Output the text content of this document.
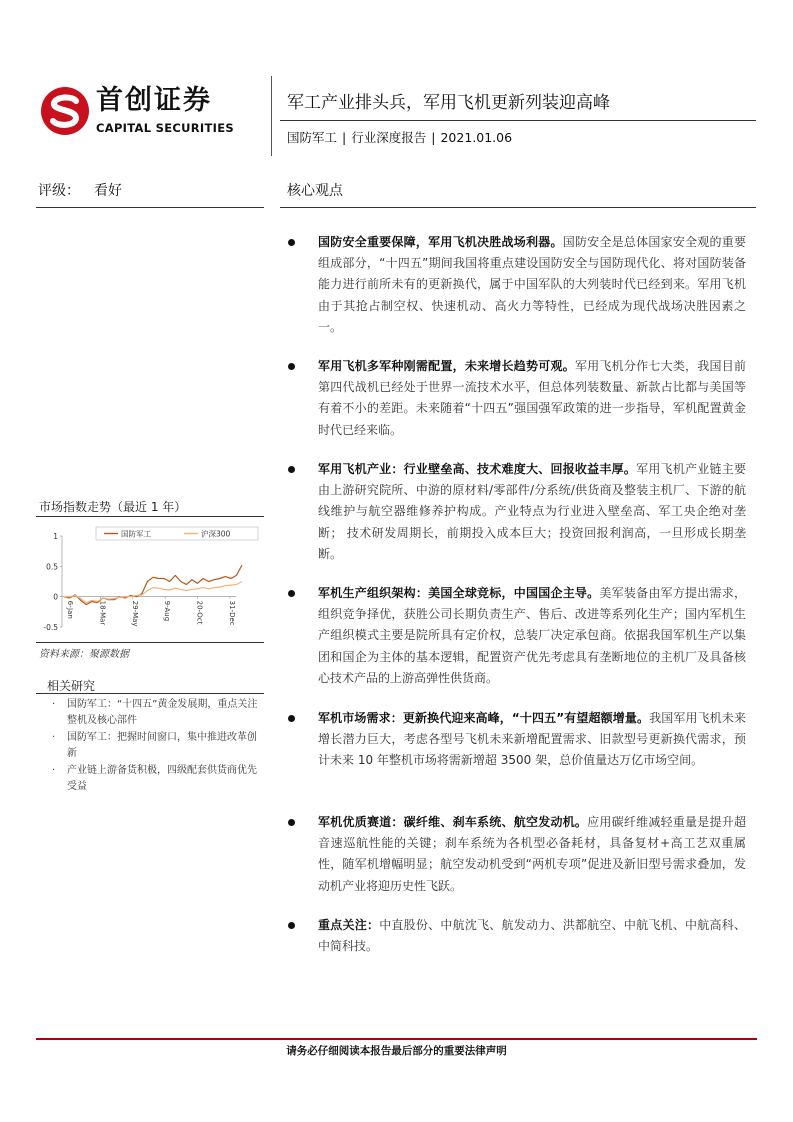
首创证券
CAPITAL SECURITIES
军工产业排头兵，军用飞机更新列装迎高峰
国防军工 | 行业深度报告 | 2021.01.06
评级： 看好	核心观点
国防安全重要保障，军用飞机决胜战场利器。国防安全是总体国家安全观的重要组成部分，“十四五”期间我国将重点建设国防安全与国防现代化、将对国防装备能力进行前所未有的更新换代，属于中国军队的大列装时代已经到来。军用飞机由于其抢占制空权、快速机动、高火力等特性，已经成为现代战场决胜因素之一。
军用飞机多军种刚需配置，未来增长趋势可观。军用飞机分作七大类，我国目前第四代战机已经处于世界一流技术水平，但总体列装数量、新款占比都与美国等有着不小的差距。未来随着“十四五”强国强军政策的进一步指导，军机配置黄金时代已经来临。
军用飞机产业：行业壁垒高、技术难度大、回报收益丰厚。军用飞机产业链主要由上游研究院所、中游的原材料/零部件/分系统/供货商及整装主机厂、下游的航线维护与航空器维修养护构成。产业特点为行业进入壁垒高、军工央企绝对垄断； 技术研发周期长，前期投入成本巨大；投资回报利润高，一旦形成长期垄断。
军机生产组织架构：美国全球竞标，中国国企主导。美军装备由军方提出需求，组织竞争择优，获胜公司长期负责生产、售后、改进等系列化生产；国内军机生产组织模式主要是院所具有定价权，总装厂决定承包商。依据我国军机生产以集团和国企为主体的基本逻辑，配置资产优先考虑具有垄断地位的主机厂及具备核心技术产品的上游高弹性供货商。
军机市场需求：更新换代迎来高峰，“十四五”有望超额增量。我国军用飞机未来增长潜力巨大，考虑各型号飞机未来新增配置需求、旧款型号更新换代需求，预计未来 10 年整机市场将需新增超 3500 架，总价值量达万亿市场空间。
军机优质赛道：碳纤维、刹车系统、航空发动机。应用碳纤维减轻重量是提升超音速巡航性能的关键；刹车系统为各机型必备耗材，具备复材+高工艺双重属性，随军机增幅明显；航空发动机受到“两机专项”促进及新旧型号需求叠加，发动机产业将迎历史性飞跃。
重点关注：中直股份、中航沈飞、航发动力、洪都航空、中航飞机、中航高科、中简科技。
市场指数走势（最近 1 年）
1
0.5
0
-0.5
6-Jan	18-Mar	29-May	9-Aug	20-Oct	31-Dec
国防军工	沪深300
资料来源：聚源数据
相关研究
· 国防军工：“十四五”黄金发展期，重点关注整机及核心部件
· 国防军工：把握时间窗口，集中推进改革创新
· 产业链上游备货积极，四级配套供货商优先受益
请务必仔细阅读本报告最后部分的重要法律声明
